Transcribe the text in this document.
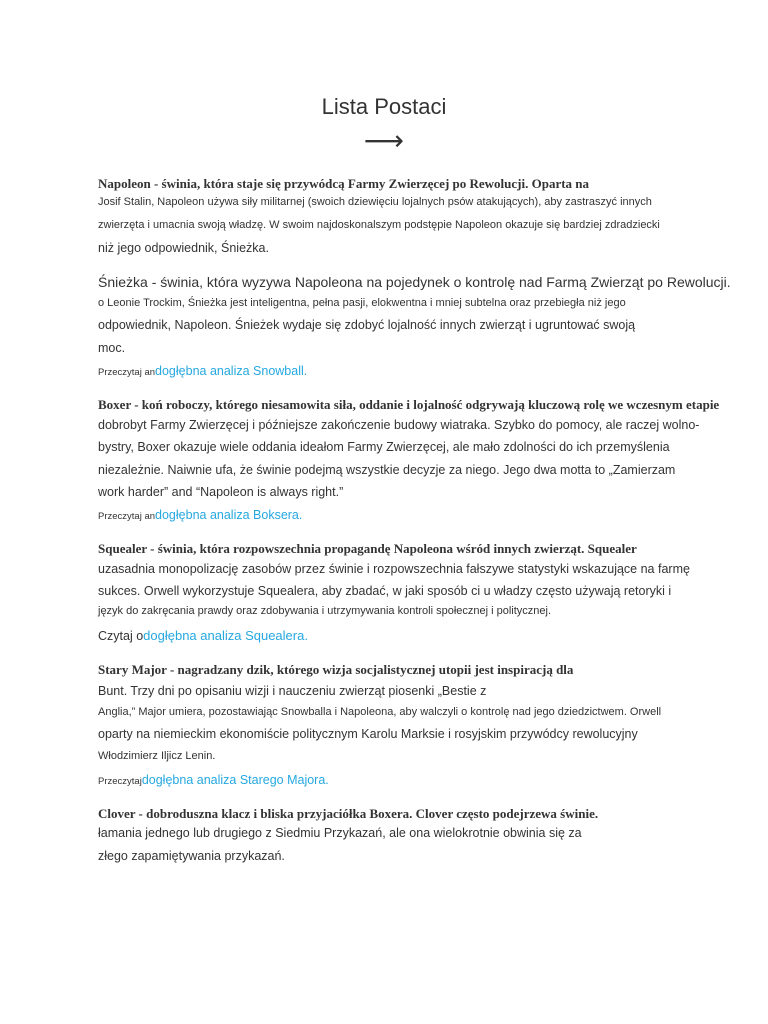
Lista Postaci
⟶
Napoleon - świnia, która staje się przywódcą Farmy Zwierzęcej po Rewolucji. Oparta na
Josif Stalin, Napoleon używa siły militarnej (swoich dziewięciu lojalnych psów atakujących), aby zastraszyć innych
zwierzęta i umacnia swoją władzę. W swoim najdoskonalszym podstępie Napoleon okazuje się bardziej zdradziecki
niż jego odpowiednik, Śnieżka.
Śnieżka - świnia, która wyzywa Napoleona na pojedynek o kontrolę nad Farmą Zwierząt po Rewolucji.
o Leonie Trockim, Śnieżka jest inteligentna, pełna pasji, elokwentna i mniej subtelna oraz przebiegła niż jego
odpowiednik, Napoleon. Śnieżek wydaje się zdobyć lojalność innych zwierząt i ugruntować swoją
moc.
Przeczytaj andogłębna analiza Snowball.
Boxer - koń roboczy, którego niesamowita siła, oddanie i lojalność odgrywają kluczową rolę we wczesnym etapie
dobrobyt Farmy Zwierzęcej i późniejsze zakończenie budowy wiatraka. Szybko do pomocy, ale raczej wolno-
bystry, Boxer okazuje wiele oddania ideałom Farmy Zwierzęcej, ale mało zdolności do ich przemyślenia
niezależnie. Naiwnie ufa, że świnie podejmą wszystkie decyzje za niego. Jego dwa motta to „Zamierzam
work harder” and “Napoleon is always right.”
Przeczytaj andogłębna analiza Boksera.
Squealer - świnia, która rozpowszechnia propagandę Napoleona wśród innych zwierząt. Squealer
uzasadnia monopolizację zasobów przez świnie i rozpowszechnia fałszywe statystyki wskazujące na farmę
sukces. Orwell wykorzystuje Squealera, aby zbadać, w jaki sposób ci u władzy często używają retoryki i
język do zakręcania prawdy oraz zdobywania i utrzymywania kontroli społecznej i politycznej.
Czytaj odogłębna analiza Squealera.
Stary Major - nagradzany dzik, którego wizja socjalistycznej utopii jest inspiracją dla
Bunt. Trzy dni po opisaniu wizji i nauczeniu zwierząt piosenki „Bestie z
Anglia,” Major umiera, pozostawiając Snowballa i Napoleona, aby walczyli o kontrolę nad jego dziedzictwem. Orwell
oparty na niemieckim ekonomiście politycznym Karolu Marksie i rosyjskim przywódcy rewolucyjny
Włodzimierz Iljicz Lenin.
Przeczytajdogłębna analiza Starego Majora.
Clover - dobroduszna klacz i bliska przyjaciółka Boxera. Clover często podejrzewa świnie.
łamania jednego lub drugiego z Siedmiu Przykazań, ale ona wielokrotnie obwinia się za
złego zapamiętywania przykazań.
